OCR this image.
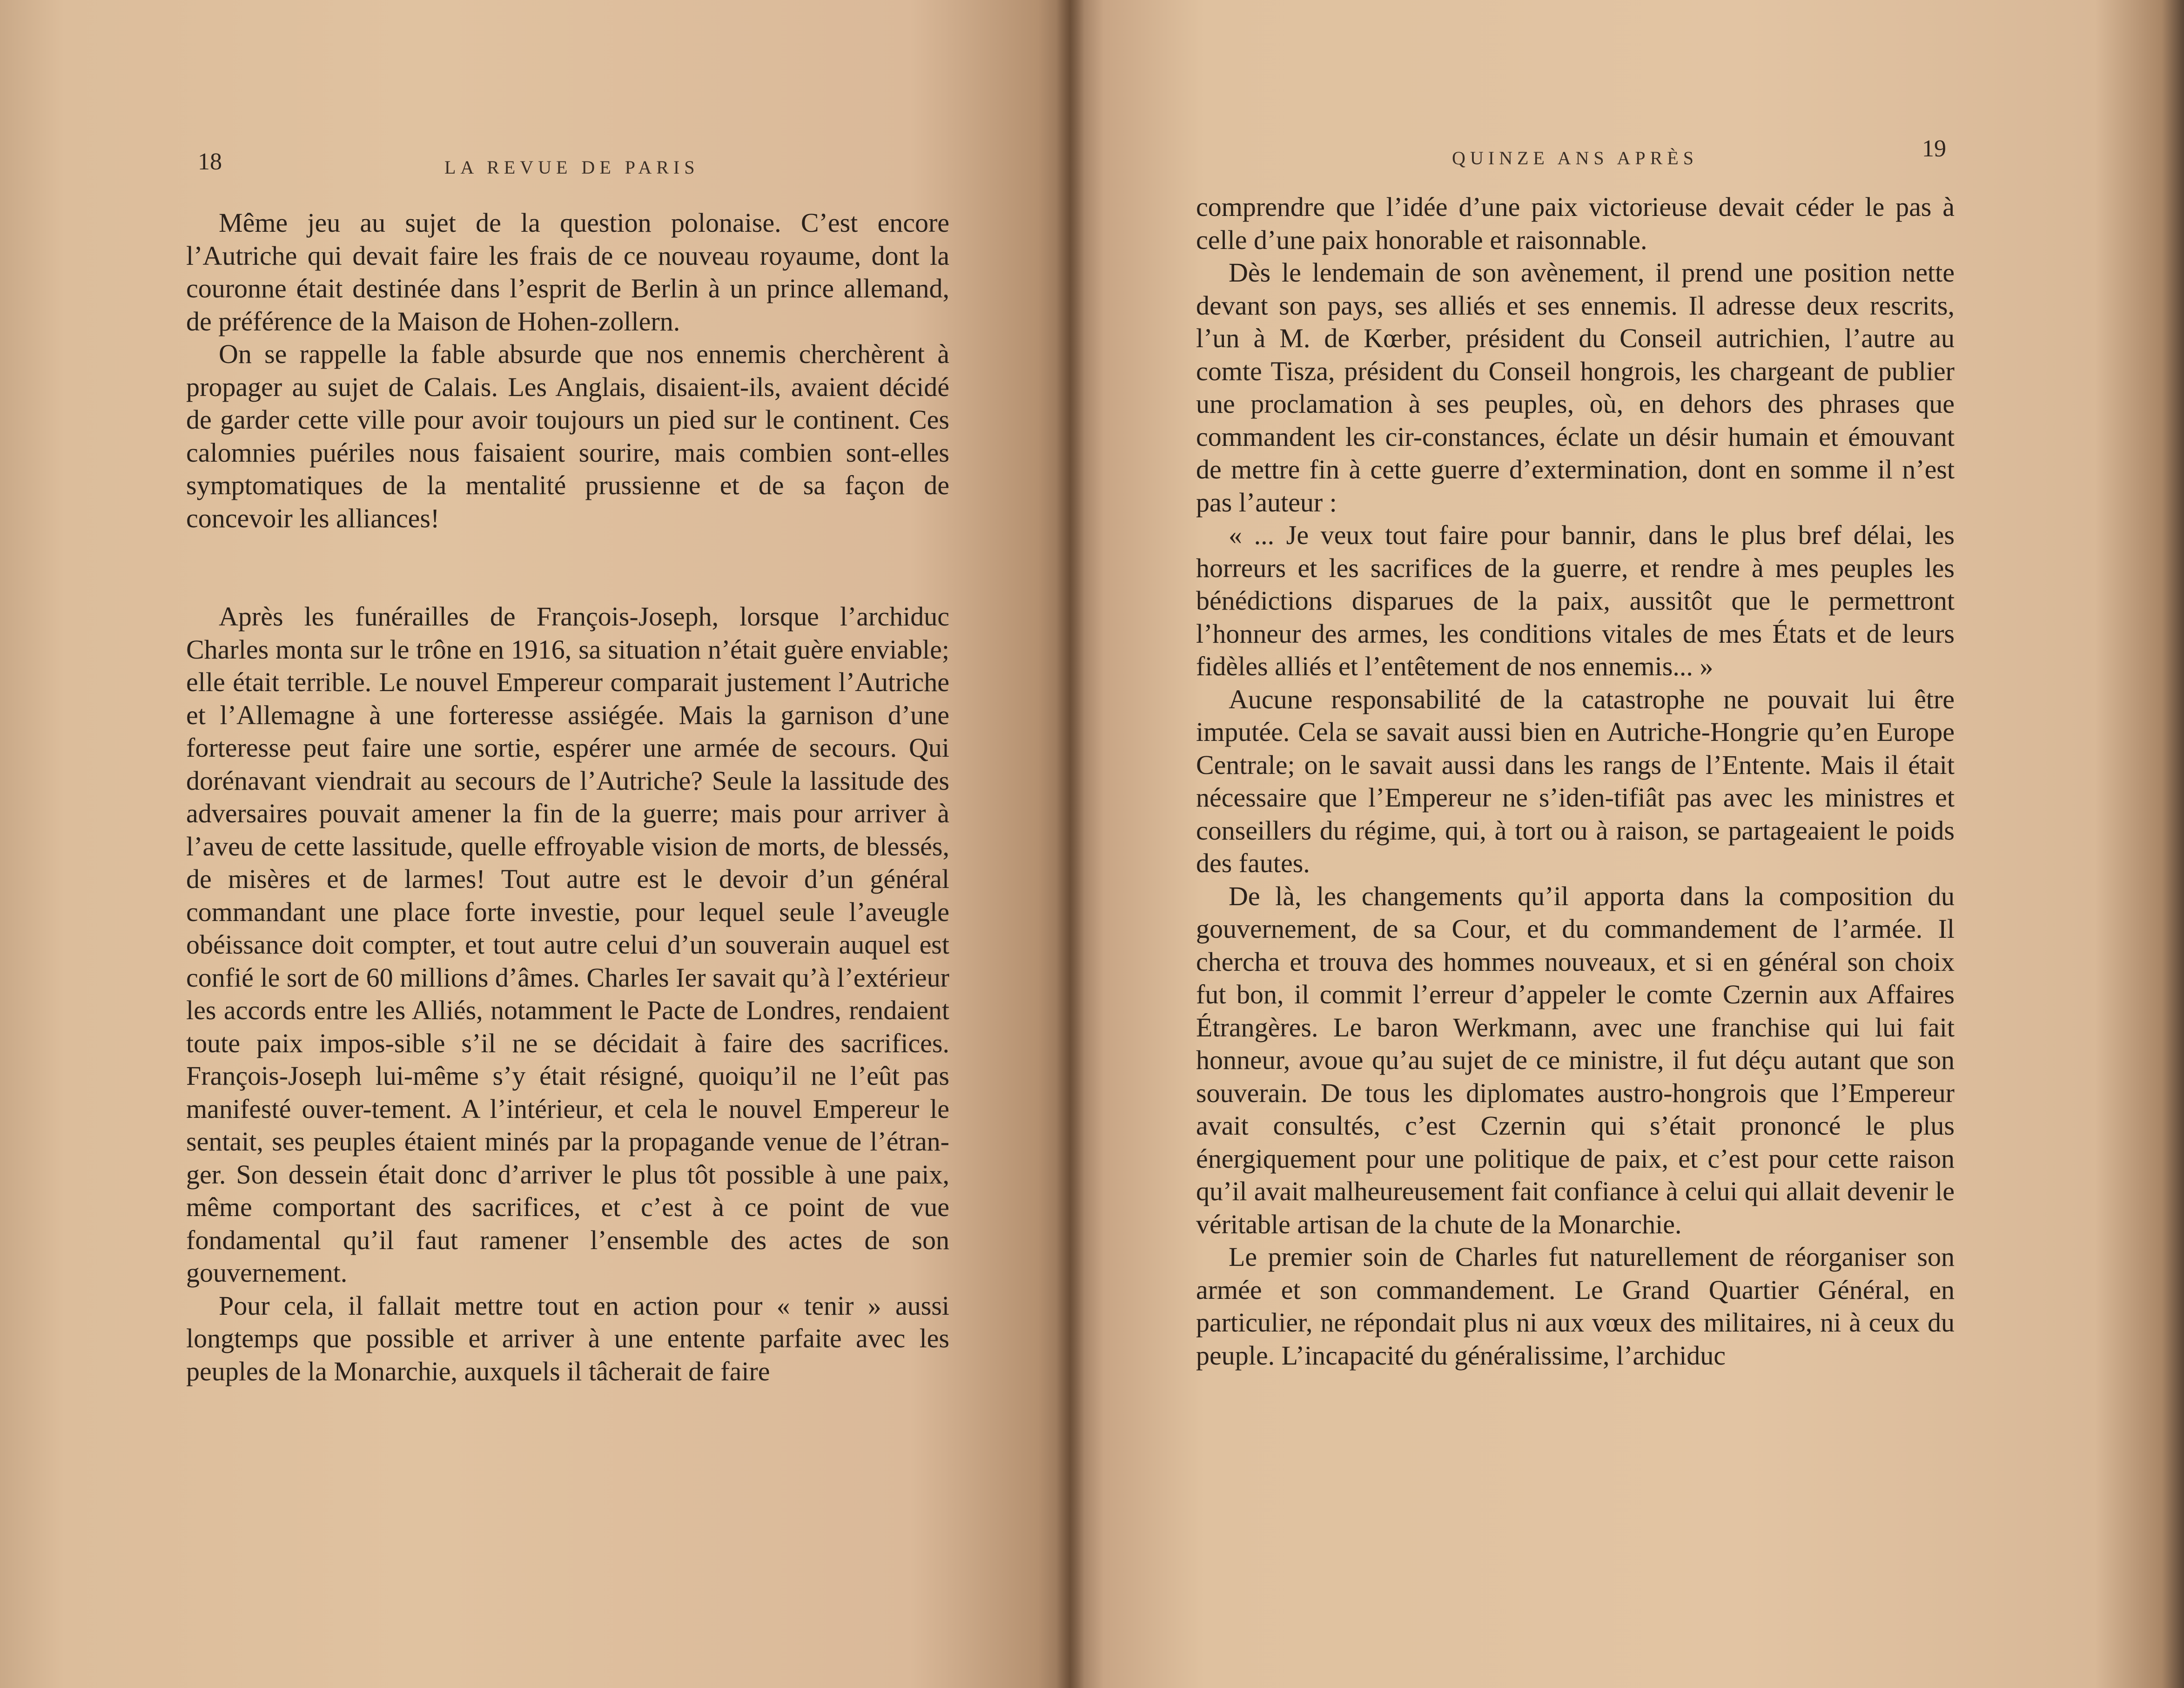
18	LA REVUE DE PARIS

Même jeu au sujet de la question polonaise. C’est encore l’Autriche qui devait faire les frais de ce nouveau royaume, dont la couronne était destinée dans l’esprit de Berlin à un prince allemand, de préférence de la Maison de Hohen-zollern.

On se rappelle la fable absurde que nos ennemis cherchèrent à propager au sujet de Calais. Les Anglais, disaient-ils, avaient décidé de garder cette ville pour avoir toujours un pied sur le continent. Ces calomnies puériles nous faisaient sourire, mais combien sont-elles symptomatiques de la mentalité prussienne et de sa façon de concevoir les alliances!

Après les funérailles de François-Joseph, lorsque l’archiduc Charles monta sur le trône en 1916, sa situation n’était guère enviable; elle était terrible. Le nouvel Empereur comparait justement l’Autriche et l’Allemagne à une forteresse assiégée. Mais la garnison d’une forteresse peut faire une sortie, espérer une armée de secours. Qui dorénavant viendrait au secours de l’Autriche? Seule la lassitude des adversaires pouvait amener la fin de la guerre; mais pour arriver à l’aveu de cette lassitude, quelle effroyable vision de morts, de blessés, de misères et de larmes! Tout autre est le devoir d’un général commandant une place forte investie, pour lequel seule l’aveugle obéissance doit compter, et tout autre celui d’un souverain auquel est confié le sort de 60 millions d’âmes. Charles Ier savait qu’à l’extérieur les accords entre les Alliés, notamment le Pacte de Londres, rendaient toute paix impos-sible s’il ne se décidait à faire des sacrifices. François-Joseph lui-même s’y était résigné, quoiqu’il ne l’eût pas manifesté ouver-tement. A l’intérieur, et cela le nouvel Empereur le sentait, ses peuples étaient minés par la propagande venue de l’étran-ger. Son dessein était donc d’arriver le plus tôt possible à une paix, même comportant des sacrifices, et c’est à ce point de vue fondamental qu’il faut ramener l’ensemble des actes de son gouvernement.

Pour cela, il fallait mettre tout en action pour « tenir » aussi longtemps que possible et arriver à une entente parfaite avec les peuples de la Monarchie, auxquels il tâcherait de faire

QUINZE ANS APRÈS	19

comprendre que l’idée d’une paix victorieuse devait céder le pas à celle d’une paix honorable et raisonnable.

Dès le lendemain de son avènement, il prend une position nette devant son pays, ses alliés et ses ennemis. Il adresse deux rescrits, l’un à M. de Kœrber, président du Conseil autrichien, l’autre au comte Tisza, président du Conseil hongrois, les chargeant de publier une proclamation à ses peuples, où, en dehors des phrases que commandent les cir-constances, éclate un désir humain et émouvant de mettre fin à cette guerre d’extermination, dont en somme il n’est pas l’auteur :

« ... Je veux tout faire pour bannir, dans le plus bref délai, les horreurs et les sacrifices de la guerre, et rendre à mes peuples les bénédictions disparues de la paix, aussitôt que le permettront l’honneur des armes, les conditions vitales de mes États et de leurs fidèles alliés et l’entêtement de nos ennemis... »

Aucune responsabilité de la catastrophe ne pouvait lui être imputée. Cela se savait aussi bien en Autriche-Hongrie qu’en Europe Centrale; on le savait aussi dans les rangs de l’Entente. Mais il était nécessaire que l’Empereur ne s’iden-tifiât pas avec les ministres et conseillers du régime, qui, à tort ou à raison, se partageaient le poids des fautes.

De là, les changements qu’il apporta dans la composition du gouvernement, de sa Cour, et du commandement de l’armée. Il chercha et trouva des hommes nouveaux, et si en général son choix fut bon, il commit l’erreur d’appeler le comte Czernin aux Affaires Étrangères. Le baron Werkmann, avec une franchise qui lui fait honneur, avoue qu’au sujet de ce ministre, il fut déçu autant que son souverain. De tous les diplomates austro-hongrois que l’Empereur avait consultés, c’est Czernin qui s’était prononcé le plus énergiquement pour une politique de paix, et c’est pour cette raison qu’il avait malheureusement fait confiance à celui qui allait devenir le véritable artisan de la chute de la Monarchie.

Le premier soin de Charles fut naturellement de réorganiser son armée et son commandement. Le Grand Quartier Général, en particulier, ne répondait plus ni aux vœux des militaires, ni à ceux du peuple. L’incapacité du généralissime, l’archiduc
